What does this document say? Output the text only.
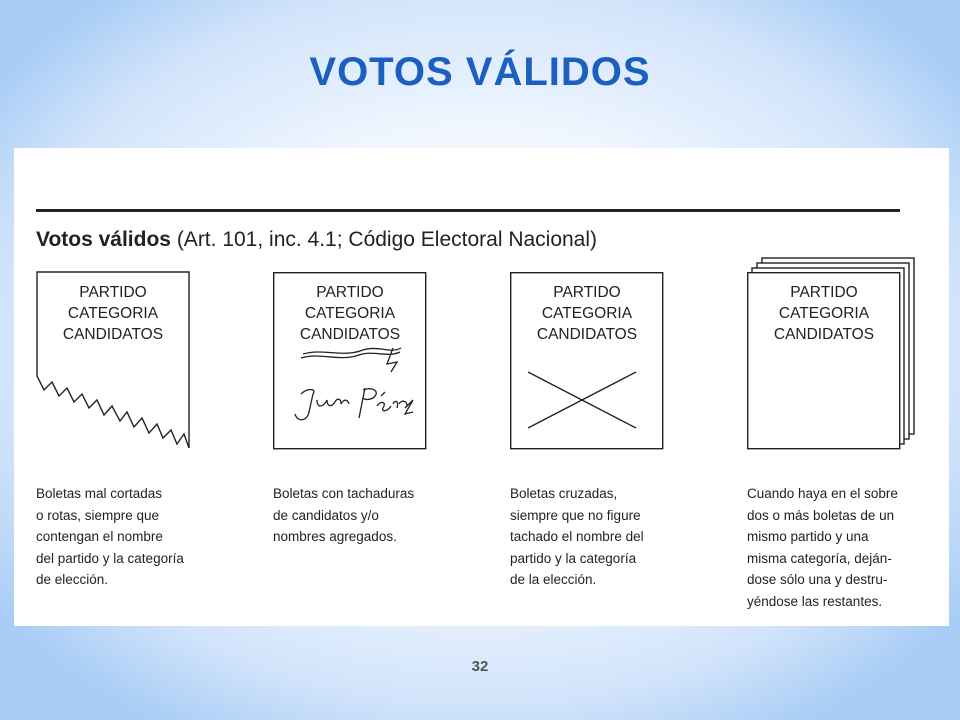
VOTOS VÁLIDOS
Votos válidos (Art. 101, inc. 4.1; Código Electoral Nacional)
PARTIDO
CATEGORIA
CANDIDATOS
PARTIDO
CATEGORIA
CANDIDATOS
PARTIDO
CATEGORIA
CANDIDATOS
PARTIDO
CATEGORIA
CANDIDATOS
Boletas mal cortadas
o rotas, siempre que
contengan el nombre
del partido y la categoría
de elección.
Boletas con tachaduras
de candidatos y/o
nombres agregados.
Boletas cruzadas,
siempre que no figure
tachado el nombre del
partido y la categoría
de la elección.
Cuando haya en el sobre
dos o más boletas de un
mismo partido y una
misma categoría, deján-
dose sólo una y destru-
yéndose las restantes.
32
